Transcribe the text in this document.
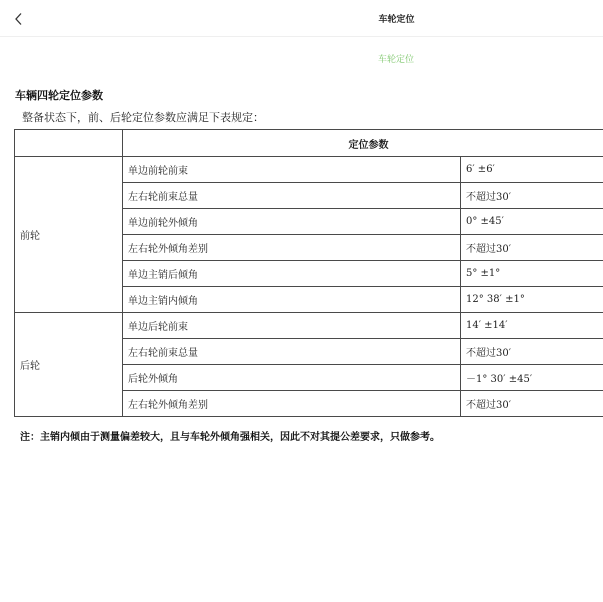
车轮定位
车轮定位
车辆四轮定位参数
整备状态下，前、后轮定位参数应满足下表规定：
	定位参数	
前轮	单边前轮前束	6′ ±6′
	左右轮前束总量	不超过30′
	单边前轮外倾角	0° ±45′
	左右轮外倾角差别	不超过30′
	单边主销后倾角	5° ±1°
	单边主销内倾角	12° 38′ ±1°
后轮	单边后轮前束	14′ ±14′
	左右轮前束总量	不超过30′
	后轮外倾角	－1° 30′ ±45′
	左右轮外倾角差别	不超过30′
注：主销内倾由于测量偏差较大，且与车轮外倾角强相关，因此不对其提公差要求，只做参考。
